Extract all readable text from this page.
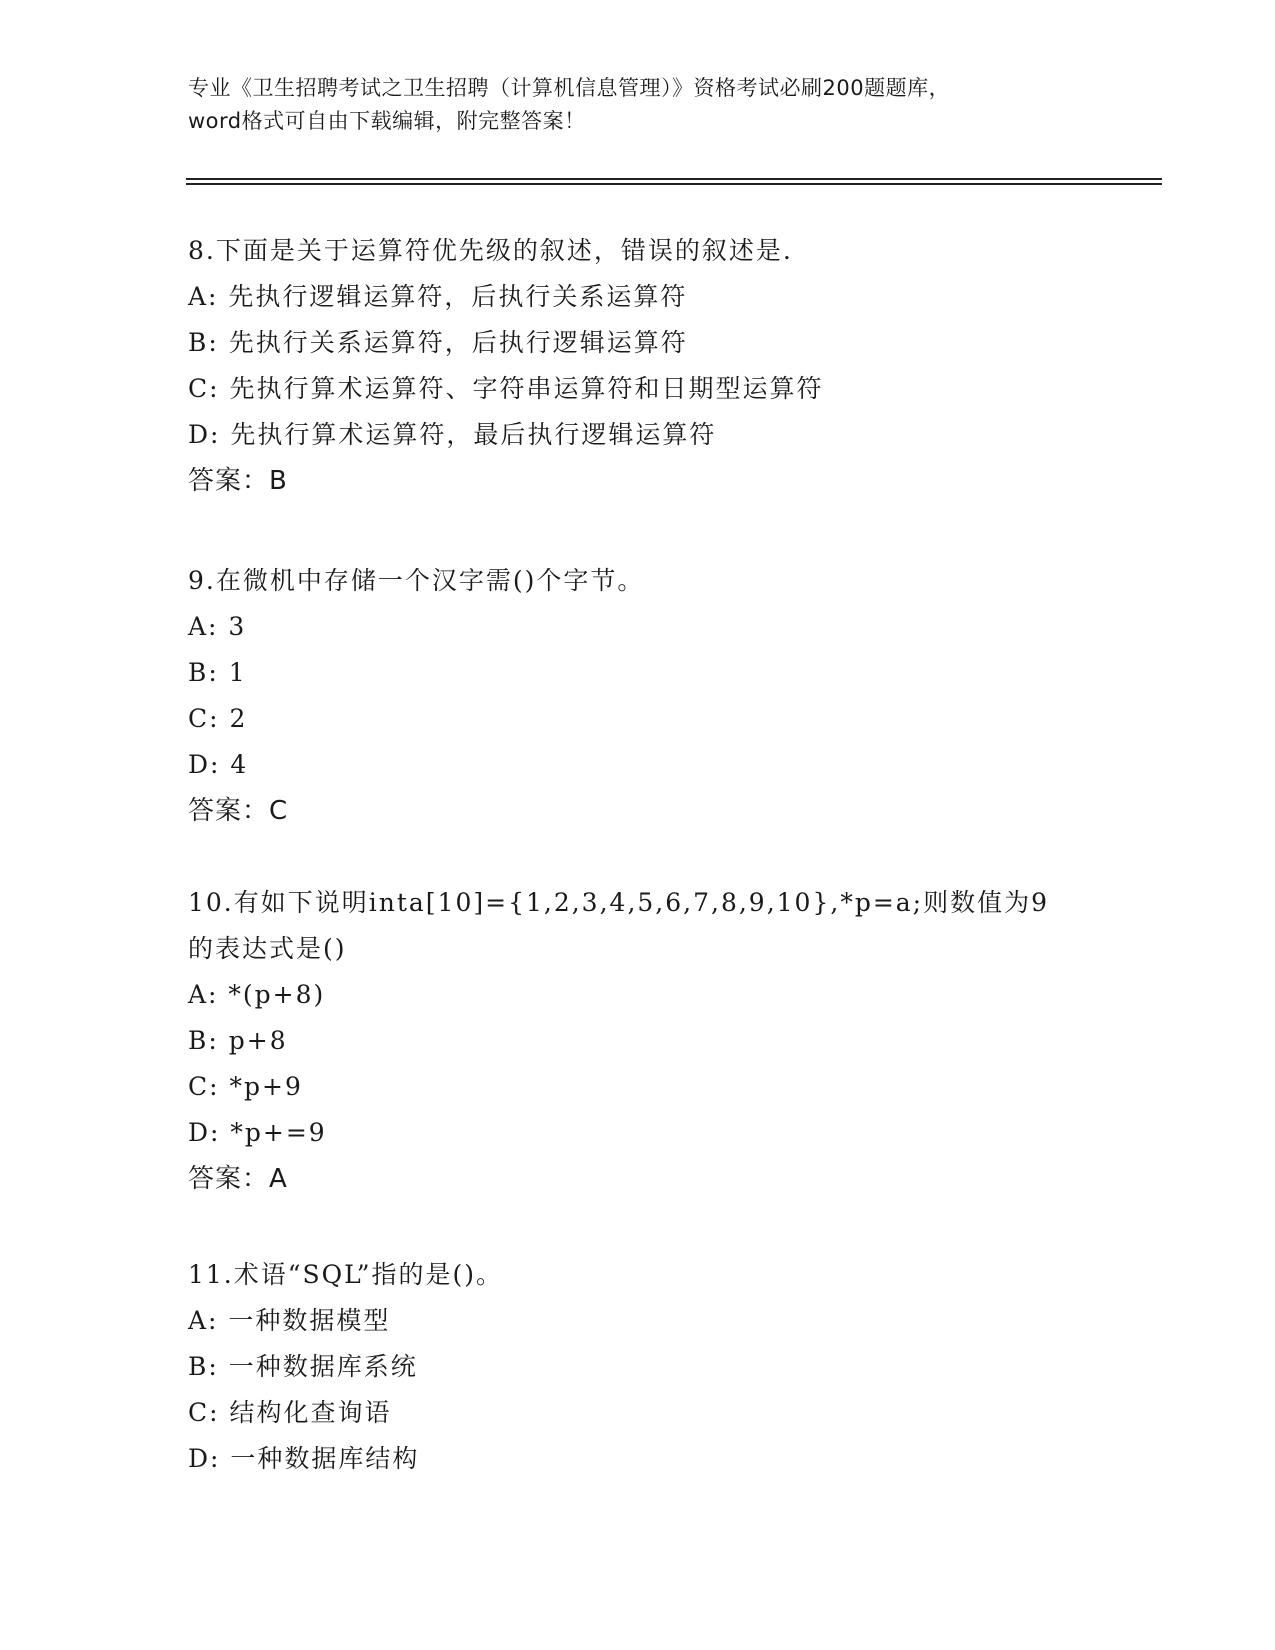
专业《卫生招聘考试之卫生招聘（计算机信息管理）》资格考试必刷200题题库，
word格式可自由下载编辑，附完整答案！
8.下面是关于运算符优先级的叙述，错误的叙述是.
A: 先执行逻辑运算符，后执行关系运算符
B: 先执行关系运算符，后执行逻辑运算符
C: 先执行算术运算符、字符串运算符和日期型运算符
D: 先执行算术运算符，最后执行逻辑运算符
答案：B
9.在微机中存储一个汉字需()个字节。
A: 3
B: 1
C: 2
D: 4
答案：C
10.有如下说明inta[10]={1,2,3,4,5,6,7,8,9,10},*p=a;则数值为9
的表达式是()
A: *(p+8)
B: p+8
C: *p+9
D: *p+=9
答案：A
11.术语“SQL”指的是()。
A: 一种数据模型
B: 一种数据库系统
C: 结构化查询语
D: 一种数据库结构
